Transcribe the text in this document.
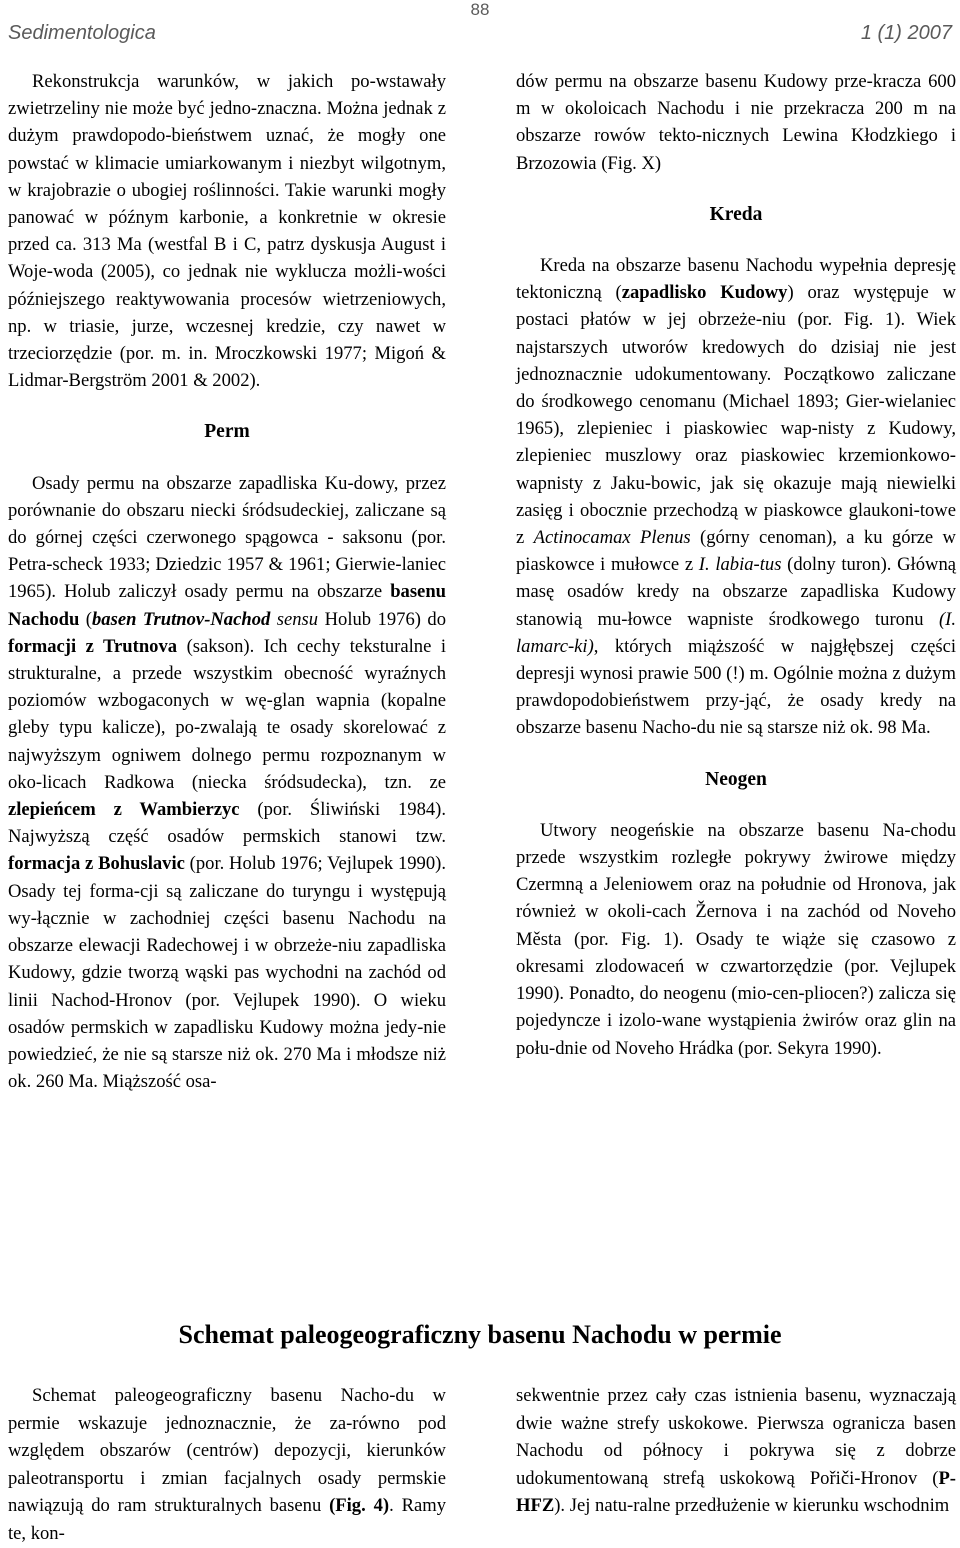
Sedimentologica
88
1 (1) 2007

Rekonstrukcja warunków, w jakich po-wstawały zwietrzeliny nie może być jedno-znaczna. Można jednak z dużym prawdopodo-bieństwem uznać, że mogły one powstać w klimacie umiarkowanym i niezbyt wilgotnym, w krajobrazie o ubogiej roślinności. Takie warunki mogły panować w późnym karbonie, a konkretnie w okresie przed ca. 313 Ma (westfal B i C, patrz dyskusja August i Woje-woda (2005), co jednak nie wyklucza możli-wości późniejszego reaktywowania procesów wietrzeniowych, np. w triasie, jurze, wczesnej kredzie, czy nawet w trzeciorzędzie (por. m. in. Mroczkowski 1977; Migoń & Lidmar-Bergström 2001 & 2002).

Perm

Osady permu na obszarze zapadliska Ku-dowy, przez porównanie do obszaru niecki śródsudeckiej, zaliczane są do górnej części czerwonego spągowca - saksonu (por. Petra-scheck 1933; Dziedzic 1957 & 1961; Gierwie-laniec 1965). Holub zaliczył osady permu na obszarze basenu Nachodu (basen Trutnov-Nachod sensu Holub 1976) do formacji z Trutnova (sakson). Ich cechy teksturalne i strukturalne, a przede wszystkim obecność wyraźnych poziomów wzbogaconych w wę-glan wapnia (kopalne gleby typu kalicze), po-zwalają te osady skorelować z najwyższym ogniwem dolnego permu rozpoznanym w oko-licach Radkowa (niecka śródsudecka), tzn. ze zlepieńcem z Wambierzyc (por. Śliwiński 1984). Najwyższą część osadów permskich stanowi tzw. formacja z Bohuslavic (por. Holub 1976; Vejlupek 1990). Osady tej forma-cji są zaliczane do turyngu i występują wy-łącznie w zachodniej części basenu Nachodu na obszarze elewacji Radechowej i w obrzeże-niu zapadliska Kudowy, gdzie tworzą wąski pas wychodni na zachód od linii Nachod-Hronov (por. Vejlupek 1990). O wieku osadów permskich w zapadlisku Kudowy można jedy-nie powiedzieć, że nie są starsze niż ok. 270 Ma i młodsze niż ok. 260 Ma. Miąższość osa-

dów permu na obszarze basenu Kudowy prze-kracza 600 m w okoloicach Nachodu i nie przekracza 200 m na obszarze rowów tekto-nicznych Lewina Kłodzkiego i Brzozowia (Fig. X)

Kreda

Kreda na obszarze basenu Nachodu wypełnia depresję tektoniczną (zapadlisko Kudowy) oraz występuje w postaci płatów w jej obrzeże-niu (por. Fig. 1). Wiek najstarszych utworów kredowych do dzisiaj nie jest jednoznacznie udokumentowany. Początkowo zaliczane do środkowego cenomanu (Michael 1893; Gier-wielaniec 1965), zlepieniec i piaskowiec wap-nisty z Kudowy, zlepieniec muszlowy oraz piaskowiec krzemionkowo-wapnisty z Jaku-bowic, jak się okazuje mają niewielki zasięg i obocznie przechodzą w piaskowce glaukoni-towe z Actinocamax Plenus (górny cenoman), a ku górze w piaskowce i mułowce z I. labia-tus (dolny turon). Główną masę osadów kredy na obszarze zapadliska Kudowy stanowią mu-łowce wapniste środkowego turonu (I. lamarc-ki), których miąższość w najgłębszej części depresji wynosi prawie 500 (!) m. Ogólnie można z dużym prawdopodobieństwem przy-jąć, że osady kredy na obszarze basenu Nacho-du nie są starsze niż ok. 98 Ma.

Neogen

Utwory neogeńskie na obszarze basenu Na-chodu przede wszystkim rozległe pokrywy żwirowe między Czermną a Jeleniowem oraz na południe od Hronova, jak również w okoli-cach Žernova i na zachód od Noveho Města (por. Fig. 1). Osady te wiąże się czasowo z okresami zlodowaceń w czwartorzędzie (por. Vejlupek 1990). Ponadto, do neogenu (mio-cen-pliocen?) zalicza się pojedyncze i izolo-wane wystąpienia żwirów oraz glin na połu-dnie od Noveho Hrádka (por. Sekyra 1990).

Schemat paleogeograficzny basenu Nachodu w permie

Schemat paleogeograficzny basenu Nacho-du w permie wskazuje jednoznacznie, że za-równo pod względem obszarów (centrów) depozycji, kierunków paleotransportu i zmian facjalnych osady permskie nawiązują do ram strukturalnych basenu (Fig. 4). Ramy te, kon-

sekwentnie przez cały czas istnienia basenu, wyznaczają dwie ważne strefy uskokowe. Pierwsza ogranicza basen Nachodu od północy i pokrywa się z dobrze udokumentowaną strefą uskokową Pořiči-Hronov (P-HFZ). Jej natu-ralne przedłużenie w kierunku wschodnim
